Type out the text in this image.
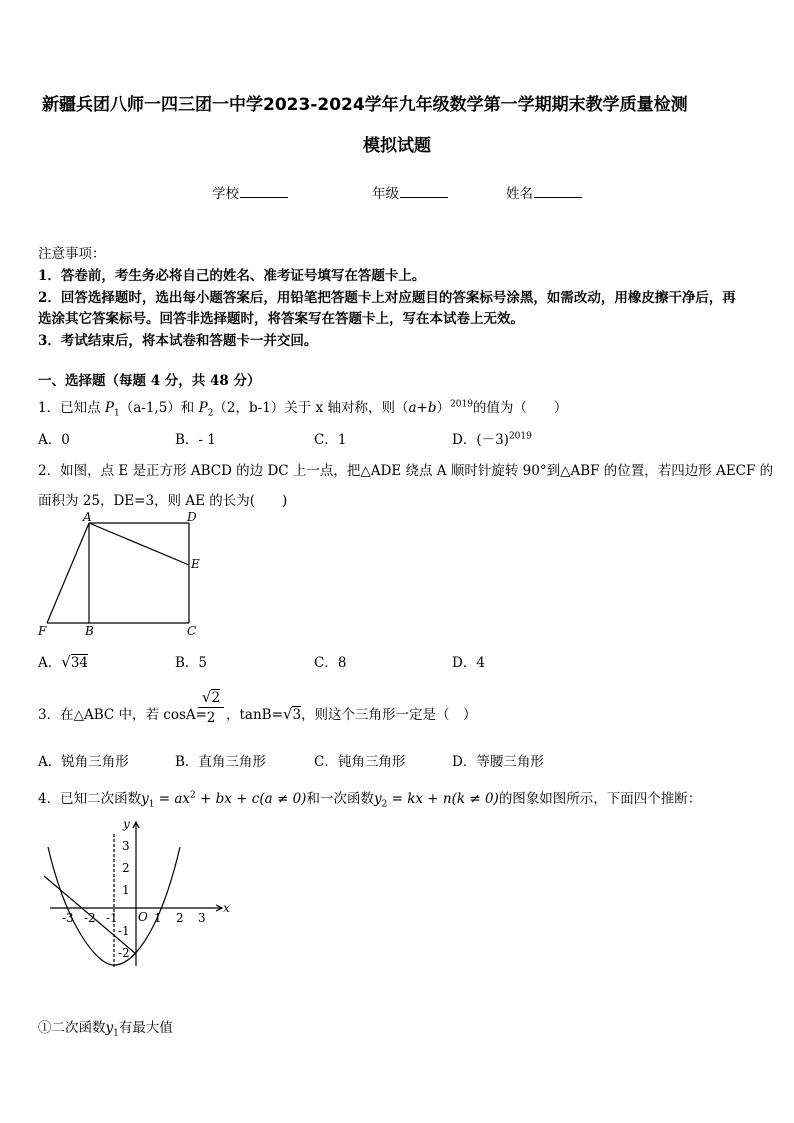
新疆兵团八师一四三团一中学2023-2024学年九年级数学第一学期期末教学质量检测
模拟试题
学校	年级	姓名
注意事项：
1．答卷前，考生务必将自己的姓名、准考证号填写在答题卡上。
2．回答选择题时，选出每小题答案后，用铅笔把答题卡上对应题目的答案标号涂黑，如需改动，用橡皮擦干净后，再
选涂其它答案标号。回答非选择题时，将答案写在答题卡上，写在本试卷上无效。
3．考试结束后，将本试卷和答题卡一并交回。
一、选择题（每题 4 分，共 48 分）
1．已知点 $P_1(a-1,5)$和 $P_2(2$，b-1）关于 x 轴对称，则$(a+b)^{2019}$的值为（　　）
A．0	B．- 1	C．1	D．$(-3)^{2019}$
2．如图，点 E 是正方形 ABCD 的边 DC 上一点，把△ADE 绕点 A 顺时针旋转 90°到△ABF 的位置，若四边形 AECF 的
面积为 25，DE=3，则 AE 的长为(　　)
A	D
E
F	B	C
A．√34	B．5	C．8	D．4
3．在△ABC 中，若 cosA=
$\frac{√2}{2}$ ，tanB=√3，则这个三角形一定是（　）
A．锐角三角形	B．直角三角形	C．钝角三角形	D．等腰三角形
4．已知二次函数$y_1 = ax^2$ + bx + c(a ≠ 0)和一次函数$y_2$ = kx + n(k ≠ 0)的图象如图所示，下面四个推断：
x
y
O
-3 -2 -1	1 2 3
3
2
1
-1
-2
①二次函数$y_1$有最大值
